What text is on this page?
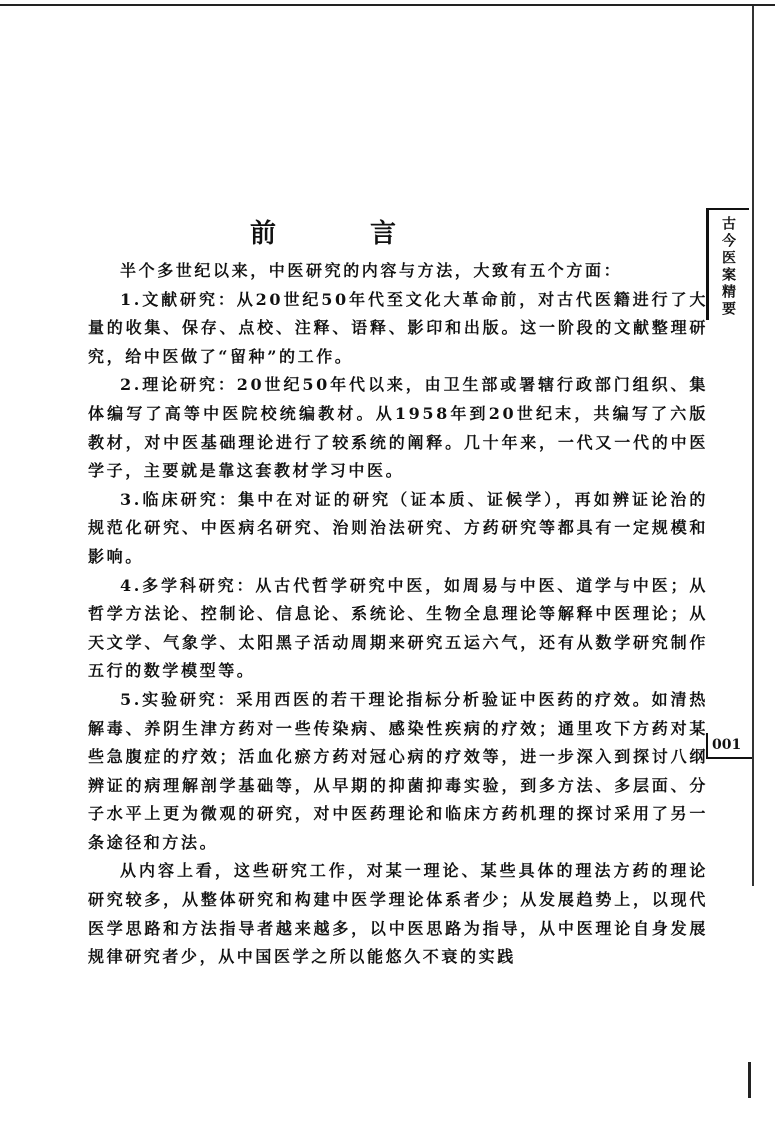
古今医案精要
前　言

半个多世纪以来，中医研究的内容与方法，大致有五个方面：

1.文献研究：从20世纪50年代至文化大革命前，对古代医籍进行了大量的收集、保存、点校、注释、语释、影印和出版。这一阶段的文献整理研究，给中医做了“留种”的工作。

2.理论研究：20世纪50年代以来，由卫生部或署辖行政部门组织、集体编写了高等中医院校统编教材。从1958年到20世纪末，共编写了六版教材，对中医基础理论进行了较系统的阐释。几十年来，一代又一代的中医学子，主要就是靠这套教材学习中医。

3.临床研究：集中在对证的研究（证本质、证候学），再如辨证论治的规范化研究、中医病名研究、治则治法研究、方药研究等都具有一定规模和影响。

4.多学科研究：从古代哲学研究中医，如周易与中医、道学与中医；从哲学方法论、控制论、信息论、系统论、生物全息理论等解释中医理论；从天文学、气象学、太阳黑子活动周期来研究五运六气，还有从数学研究制作五行的数学模型等。

5.实验研究：采用西医的若干理论指标分析验证中医药的疗效。如清热解毒、养阴生津方药对一些传染病、感染性疾病的疗效；通里攻下方药对某些急腹症的疗效；活血化瘀方药对冠心病的疗效等，进一步深入到探讨八纲辨证的病理解剖学基础等，从早期的抑菌抑毒实验，到多方法、多层面、分子水平上更为微观的研究，对中医药理论和临床方药机理的探讨采用了另一条途径和方法。

从内容上看，这些研究工作，对某一理论、某些具体的理法方药的理论研究较多，从整体研究和构建中医学理论体系者少；从发展趋势上，以现代医学思路和方法指导者越来越多，以中医思路为指导，从中医理论自身发展规律研究者少，从中国医学之所以能悠久不衰的实践

001
